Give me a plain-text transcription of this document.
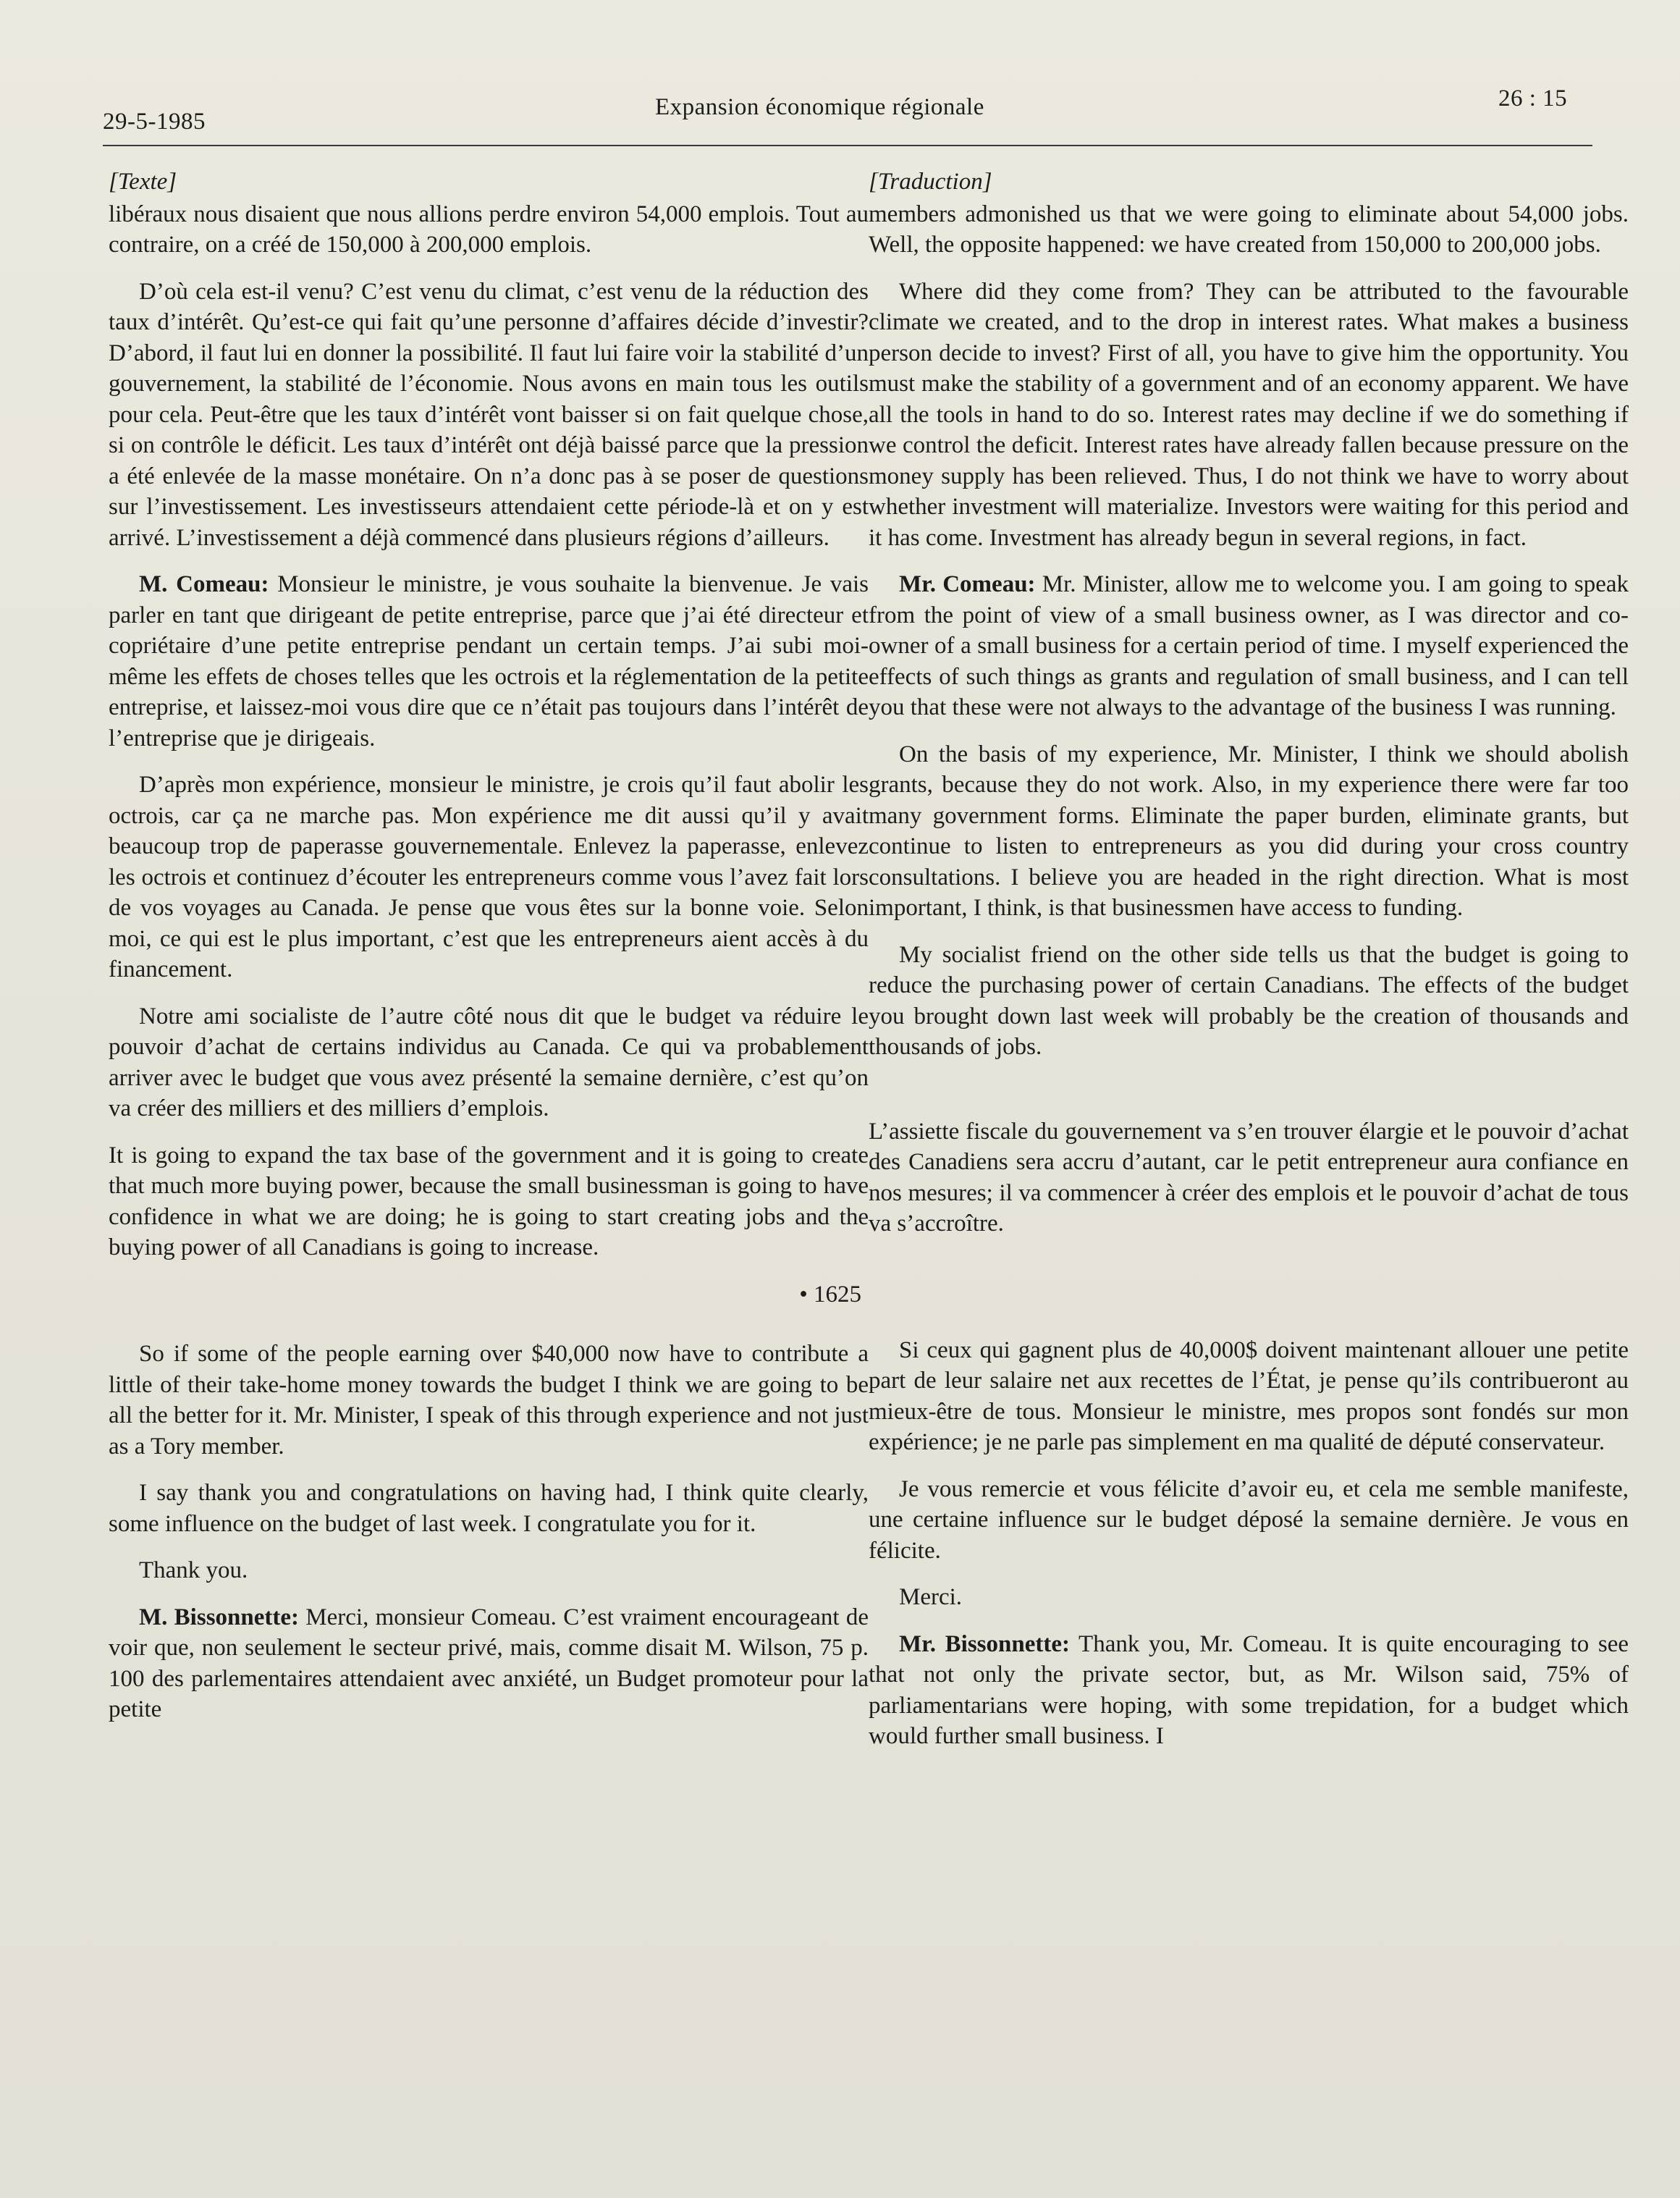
29-5-1985
Expansion économique régionale	26 : 15

[Texte]

libéraux nous disaient que nous allions perdre environ 54,000 emplois. Tout au contraire, on a créé de 150,000 à 200,000 emplois.

D’où cela est-il venu? C’est venu du climat, c’est venu de la réduction des taux d’intérêt. Qu’est-ce qui fait qu’une personne d’affaires décide d’investir? D’abord, il faut lui en donner la possibilité. Il faut lui faire voir la stabilité d’un gouvernement, la stabilité de l’économie. Nous avons en main tous les outils pour cela. Peut-être que les taux d’intérêt vont baisser si on fait quelque chose, si on contrôle le déficit. Les taux d’intérêt ont déjà baissé parce que la pression a été enlevée de la masse monétaire. On n’a donc pas à se poser de questions sur l’investissement. Les investisseurs attendaient cette période-là et on y est arrivé. L’investissement a déjà commencé dans plusieurs régions d’ailleurs.

M. Comeau: Monsieur le ministre, je vous souhaite la bienvenue. Je vais parler en tant que dirigeant de petite entreprise, parce que j’ai été directeur et copriétaire d’une petite entreprise pendant un certain temps. J’ai subi moi-même les effets de choses telles que les octrois et la réglementation de la petite entreprise, et laissez-moi vous dire que ce n’était pas toujours dans l’intérêt de l’entreprise que je dirigeais.

D’après mon expérience, monsieur le ministre, je crois qu’il faut abolir les octrois, car ça ne marche pas. Mon expérience me dit aussi qu’il y avait beaucoup trop de paperasse gouvernementale. Enlevez la paperasse, enlevez les octrois et continuez d’écouter les entrepreneurs comme vous l’avez fait lors de vos voyages au Canada. Je pense que vous êtes sur la bonne voie. Selon moi, ce qui est le plus important, c’est que les entrepreneurs aient accès à du financement.

Notre ami socialiste de l’autre côté nous dit que le budget va réduire le pouvoir d’achat de certains individus au Canada. Ce qui va probablement arriver avec le budget que vous avez présenté la semaine dernière, c’est qu’on va créer des milliers et des milliers d’emplois.

It is going to expand the tax base of the government and it is going to create that much more buying power, because the small businessman is going to have confidence in what we are doing; he is going to start creating jobs and the buying power of all Canadians is going to increase.

• 1625

So if some of the people earning over $40,000 now have to contribute a little of their take-home money towards the budget I think we are going to be all the better for it. Mr. Minister, I speak of this through experience and not just as a Tory member.

I say thank you and congratulations on having had, I think quite clearly, some influence on the budget of last week. I congratulate you for it.

Thank you.

M. Bissonnette: Merci, monsieur Comeau. C’est vraiment encourageant de voir que, non seulement le secteur privé, mais, comme disait M. Wilson, 75 p. 100 des parlementaires attendaient avec anxiété, un Budget promoteur pour la petite

[Traduction]

members admonished us that we were going to eliminate about 54,000 jobs. Well, the opposite happened: we have created from 150,000 to 200,000 jobs.

Where did they come from? They can be attributed to the favourable climate we created, and to the drop in interest rates. What makes a business person decide to invest? First of all, you have to give him the opportunity. You must make the stability of a government and of an economy apparent. We have all the tools in hand to do so. Interest rates may decline if we do something if we control the deficit. Interest rates have already fallen because pressure on the money supply has been relieved. Thus, I do not think we have to worry about whether investment will materialize. Investors were waiting for this period and it has come. Investment has already begun in several regions, in fact.

Mr. Comeau: Mr. Minister, allow me to welcome you. I am going to speak from the point of view of a small business owner, as I was director and co-owner of a small business for a certain period of time. I myself experienced the effects of such things as grants and regulation of small business, and I can tell you that these were not always to the advantage of the business I was running.

On the basis of my experience, Mr. Minister, I think we should abolish grants, because they do not work. Also, in my experience there were far too many government forms. Eliminate the paper burden, eliminate grants, but continue to listen to entrepreneurs as you did during your cross country consultations. I believe you are headed in the right direction. What is most important, I think, is that businessmen have access to funding.

My socialist friend on the other side tells us that the budget is going to reduce the purchasing power of certain Canadians. The effects of the budget you brought down last week will probably be the creation of thousands and thousands of jobs.

L’assiette fiscale du gouvernement va s’en trouver élargie et le pouvoir d’achat des Canadiens sera accru d’autant, car le petit entrepreneur aura confiance en nos mesures; il va commencer à créer des emplois et le pouvoir d’achat de tous va s’accroître.

Si ceux qui gagnent plus de 40,000$ doivent maintenant allouer une petite part de leur salaire net aux recettes de l’État, je pense qu’ils contribueront au mieux-être de tous. Monsieur le ministre, mes propos sont fondés sur mon expérience; je ne parle pas simplement en ma qualité de député conservateur.

Je vous remercie et vous félicite d’avoir eu, et cela me semble manifeste, une certaine influence sur le budget déposé la semaine dernière. Je vous en félicite.

Merci.

Mr. Bissonnette: Thank you, Mr. Comeau. It is quite encouraging to see that not only the private sector, but, as Mr. Wilson said, 75% of parliamentarians were hoping, with some trepidation, for a budget which would further small business. I
